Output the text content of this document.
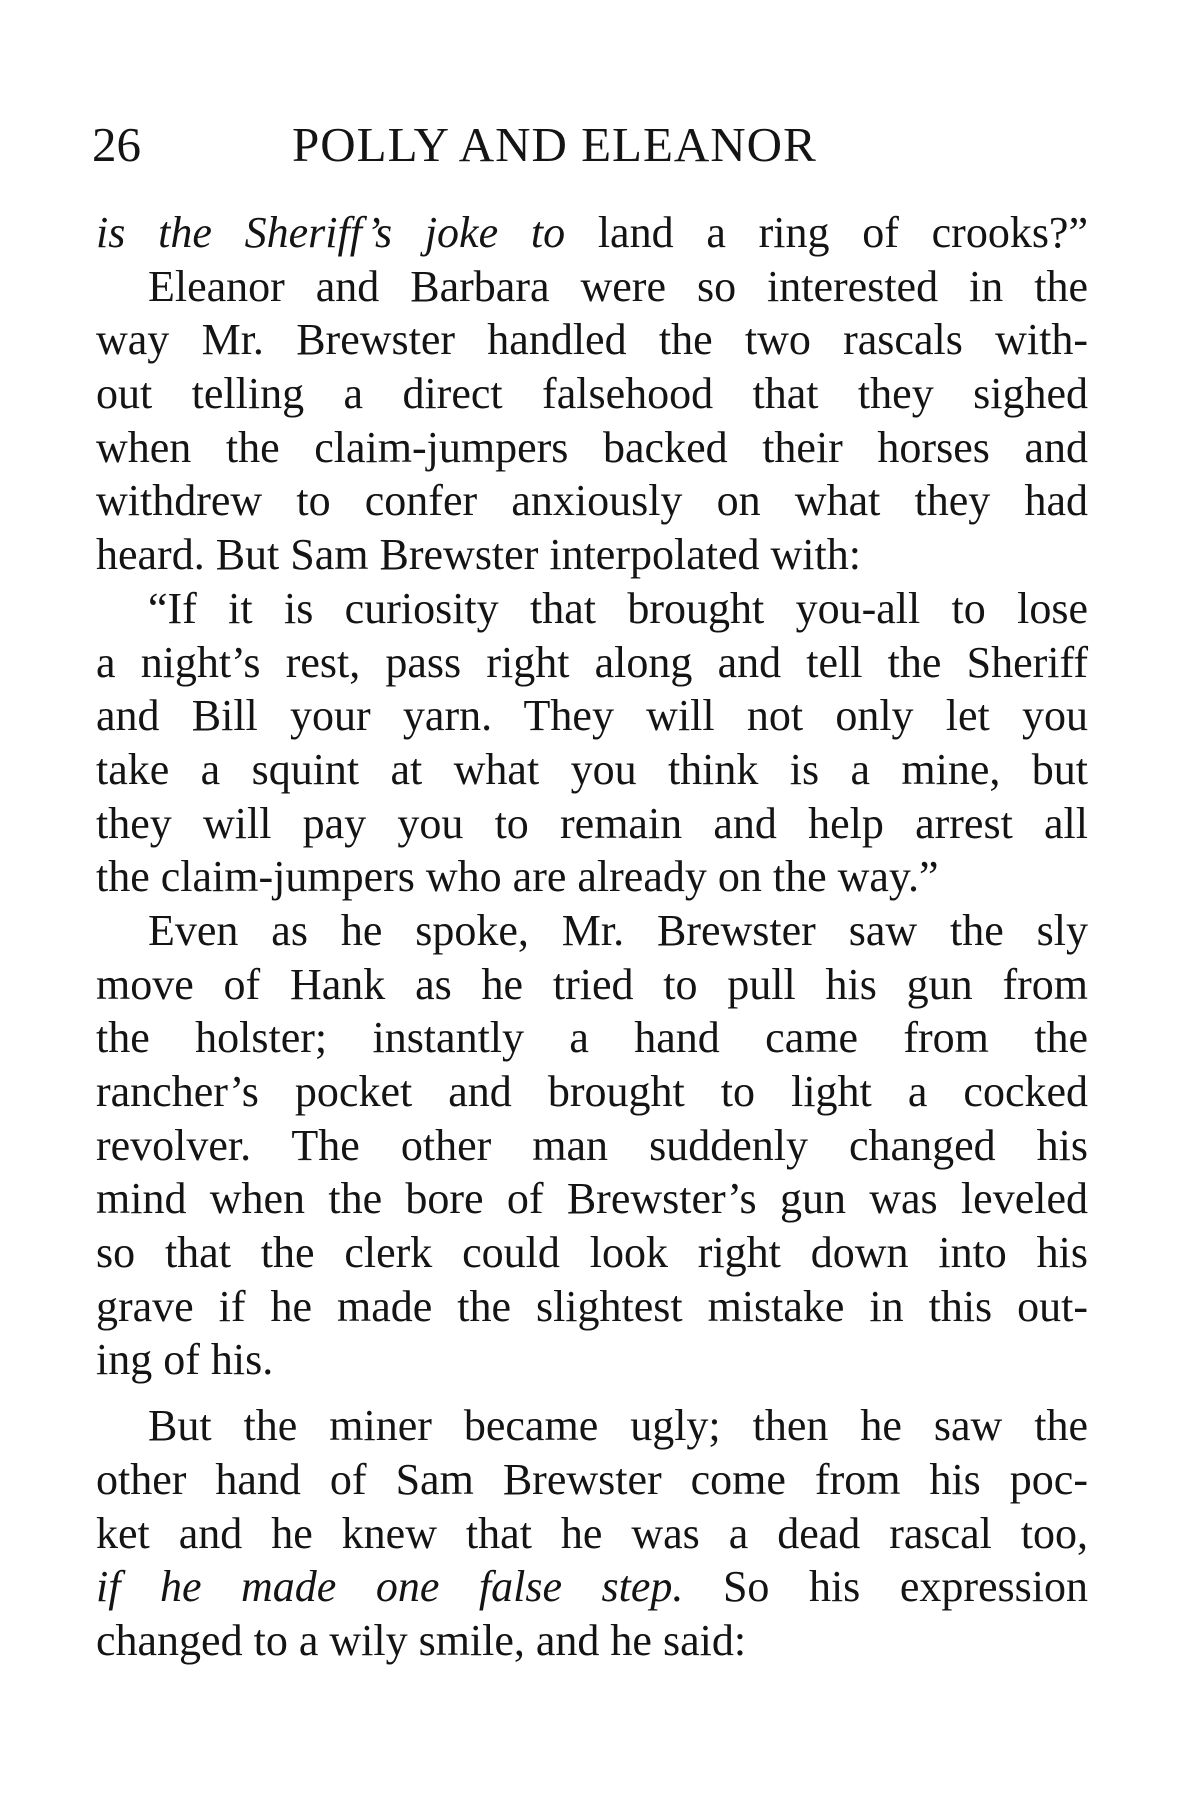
26	POLLY AND ELEANOR
is the Sheriff’s joke to land a ring of crooks?”
Eleanor and Barbara were so interested in the
way Mr. Brewster handled the two rascals with-
out telling a direct falsehood that they sighed
when the claim-jumpers backed their horses and
withdrew to confer anxiously on what they had
heard. But Sam Brewster interpolated with:
“If it is curiosity that brought you-all to lose
a night’s rest, pass right along and tell the Sheriff
and Bill your yarn. They will not only let you
take a squint at what you think is a mine, but
they will pay you to remain and help arrest all
the claim-jumpers who are already on the way.”
Even as he spoke, Mr. Brewster saw the sly
move of Hank as he tried to pull his gun from
the holster; instantly a hand came from the
rancher’s pocket and brought to light a cocked
revolver. The other man suddenly changed his
mind when the bore of Brewster’s gun was leveled
so that the clerk could look right down into his
grave if he made the slightest mistake in this out-
ing of his.
But the miner became ugly; then he saw the
other hand of Sam Brewster come from his poc-
ket and he knew that he was a dead rascal too,
if he made one false step. So his expression
changed to a wily smile, and he said:
